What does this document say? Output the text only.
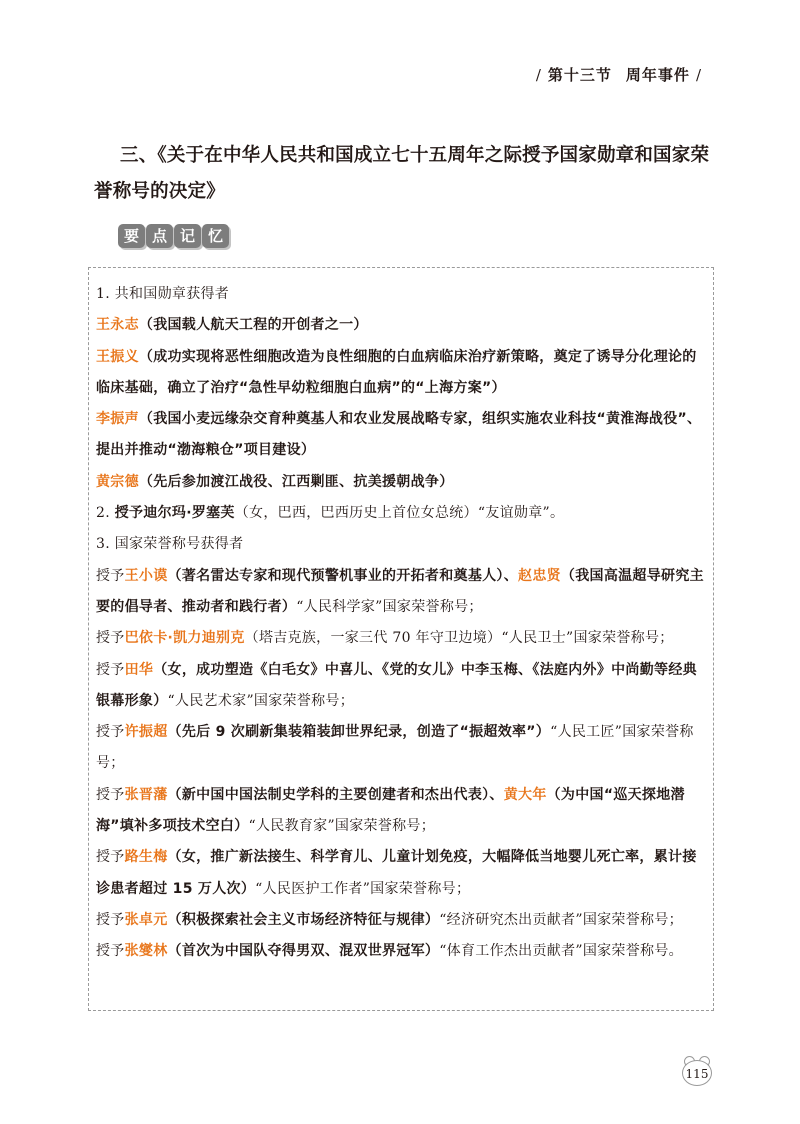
/ 第十三节 周年事件 /
三、《关于在中华人民共和国成立七十五周年之际授予国家勋章和国家荣誉称号的决定》
要 点 记 忆

1. 共和国勋章获得者

王永志（我国载人航天工程的开创者之一）

王振义（成功实现将恶性细胞改造为良性细胞的白血病临床治疗新策略，奠定了诱导分化理论的临床基础，确立了治疗“急性早幼粒细胞白血病”的“上海方案”）

李振声（我国小麦远缘杂交育种奠基人和农业发展战略专家，组织实施农业科技“黄淮海战役”、提出并推动“渤海粮仓”项目建设）

黄宗德（先后参加渡江战役、江西剿匪、抗美援朝战争）

2. 授予迪尔玛·罗塞芙（女，巴西，巴西历史上首位女总统）“友谊勋章”。

3. 国家荣誉称号获得者

授予王小谟（著名雷达专家和现代预警机事业的开拓者和奠基人）、赵忠贤（我国高温超导研究主要的倡导者、推动者和践行者）“人民科学家”国家荣誉称号；

授予巴依卡·凯力迪别克（塔吉克族，一家三代 70 年守卫边境）“人民卫士”国家荣誉称号；

授予田华（女，成功塑造《白毛女》中喜儿、《党的女儿》中李玉梅、《法庭内外》中尚勤等经典银幕形象）“人民艺术家”国家荣誉称号；

授予许振超（先后 9 次刷新集装箱装卸世界纪录，创造了“振超效率”）“人民工匠”国家荣誉称号；

授予张晋藩（新中国中国法制史学科的主要创建者和杰出代表）、黄大年（为中国“巡天探地潜海”填补多项技术空白）“人民教育家”国家荣誉称号；

授予路生梅（女，推广新法接生、科学育儿、儿童计划免疫，大幅降低当地婴儿死亡率，累计接诊患者超过 15 万人次）“人民医护工作者”国家荣誉称号；

授予张卓元（积极探索社会主义市场经济特征与规律）“经济研究杰出贡献者”国家荣誉称号；

授予张燮林（首次为中国队夺得男双、混双世界冠军）“体育工作杰出贡献者”国家荣誉称号。

115
